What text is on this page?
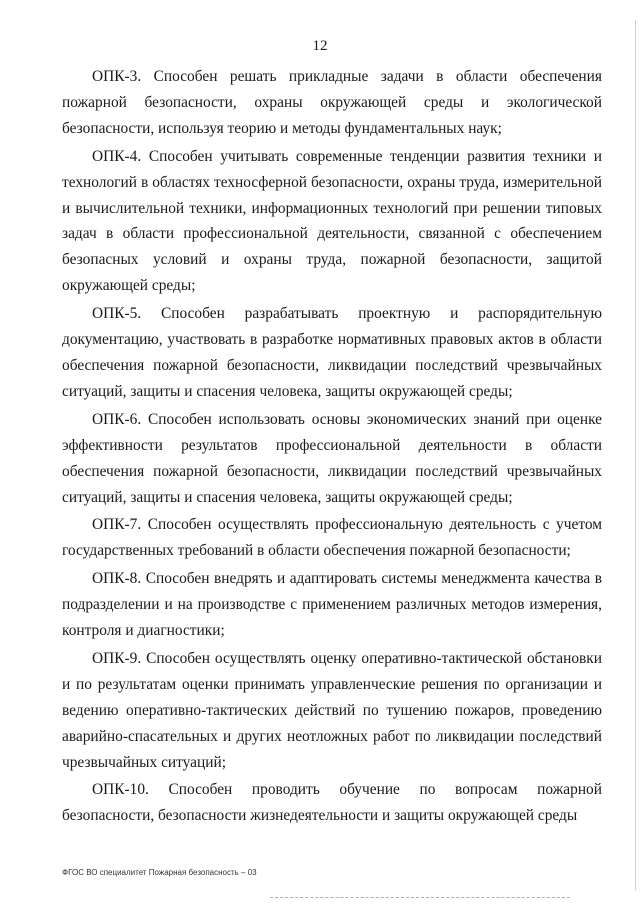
12

ОПК-3. Способен решать прикладные задачи в области обеспечения пожарной безопасности, охраны окружающей среды и экологической безопасности, используя теорию и методы фундаментальных наук;

ОПК-4. Способен учитывать современные тенденции развития техники и технологий в областях техносферной безопасности, охраны труда, измерительной и вычислительной техники, информационных технологий при решении типовых задач в области профессиональной деятельности, связанной с обеспечением безопасных условий и охраны труда, пожарной безопасности, защитой окружающей среды;

ОПК-5. Способен разрабатывать проектную и распорядительную документацию, участвовать в разработке нормативных правовых актов в области обеспечения пожарной безопасности, ликвидации последствий чрезвычайных ситуаций, защиты и спасения человека, защиты окружающей среды;

ОПК-6. Способен использовать основы экономических знаний при оценке эффективности результатов профессиональной деятельности в области обеспечения пожарной безопасности, ликвидации последствий чрезвычайных ситуаций, защиты и спасения человека, защиты окружающей среды;

ОПК-7. Способен осуществлять профессиональную деятельность с учетом государственных требований в области обеспечения пожарной безопасности;

ОПК-8. Способен внедрять и адаптировать системы менеджмента качества в подразделении и на производстве с применением различных методов измерения, контроля и диагностики;

ОПК-9. Способен осуществлять оценку оперативно-тактической обстановки и по результатам оценки принимать управленческие решения по организации и ведению оперативно-тактических действий по тушению пожаров, проведению аварийно-спасательных и других неотложных работ по ликвидации последствий чрезвычайных ситуаций;

ОПК-10. Способен проводить обучение по вопросам пожарной безопасности, безопасности жизнедеятельности и защиты окружающей среды

ФГОС ВО специалитет Пожарная безопасность – 03
